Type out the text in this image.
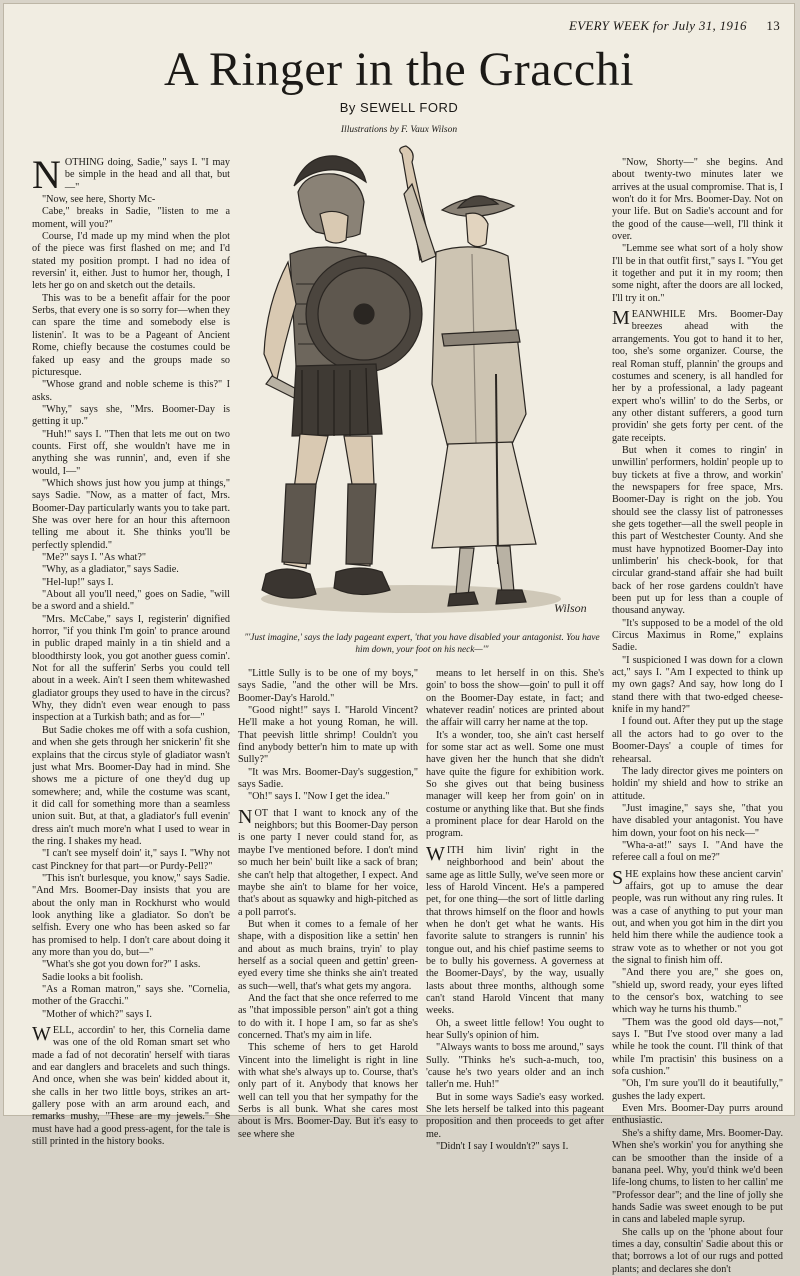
EVERY WEEK for July 31, 1916 13
A Ringer in the Gracchi
By SEWELL FORD
Illustrations by F. Vaux Wilson

NOTHING doing, Sadie," says I. "I may be simple in the head and all that, but—"

"Now, see here, Shorty Mc-

Cabe," breaks in Sadie, "listen to me a moment, will you?"

Course, I'd made up my mind when the plot of the piece was first flashed on me; and I'd stated my position prompt. I had no idea of reversin' it, either. Just to humor her, though, I lets her go on and sketch out the details.

This was to be a benefit affair for the poor Serbs, that every one is so sorry for—when they can spare the time and somebody else is listenin'. It was to be a Pageant of Ancient Rome, chiefly because the costumes could be faked up easy and the groups made so picturesque.

"Whose grand and noble scheme is this?" I asks.

"Why," says she, "Mrs. Boomer-Day is getting it up."

"Huh!" says I. "Then that lets me out on two counts. First off, she wouldn't have me in anything she was runnin', and, even if she would, I—"

"Which shows just how you jump at things," says Sadie. "Now, as a matter of fact, Mrs. Boomer-Day particularly wants you to take part. She was over here for an hour this afternoon telling me about it. She thinks you'll be perfectly splendid."

"Me?" says I. "As what?"

"Why, as a gladiator," says Sadie.

"Hel-lup!" says I.

"About all you'll need," goes on Sadie, "will be a sword and a shield."

"Mrs. McCabe," says I, registerin' dignified horror, "if you think I'm goin' to prance around in public draped mainly in a tin shield and a bloodthirsty look, you got another guess comin'. Not for all the sufferin' Serbs you could tell about in a week. Ain't I seen them whitewashed gladiator groups they used to have in the circus? Why, they didn't even wear enough to pass inspection at a Turkish bath; and as for—"

But Sadie chokes me off with a sofa cushion, and when she gets through her snickerin' fit she explains that the circus style of gladiator wasn't just what Mrs. Boomer-Day had in mind. She shows me a picture of one they'd dug up somewhere; and, while the costume was scant, it did call for something more than a seamless union suit. But, at that, a gladiator's full evenin' dress ain't much more'n what I used to wear in the ring. I shakes my head.

"I can't see myself doin' it," says I. "Why not cast Pinckney for that part—or Purdy-Pell?"

"This isn't burlesque, you know," says Sadie. "And Mrs. Boomer-Day insists that you are about the only man in Rockhurst who would look anything like a gladiator. So don't be selfish. Every one who has been asked so far has promised to help. I don't care about doing it any more than you do, but—"

"What's she got you down for?" I asks.

Sadie looks a bit foolish.

"As a Roman matron," says she. "Cornelia, mother of the Gracchi."

"Mother of which?" says I.

WELL, accordin' to her, this Cornelia dame was one of the old Roman smart set who made a fad of not decoratin' herself with tiaras and ear danglers and bracelets and such things. And once, when she was bein' kidded about it, she calls in her two little boys, strikes an art-gallery pose with an arm around each, and remarks mushy, "These are my jewels." She must have had a good press-agent, for the tale is still printed in the history books.

Wilson
"'Just imagine,' says the lady pageant expert, 'that you have disabled your antagonist. You have him down, your foot on his neck—'"

"Little Sully is to be one of my boys," says Sadie, "and the other will be Mrs. Boomer-Day's Harold."

"Good night!" says I. "Harold Vincent? He'll make a hot young Roman, he will. That peevish little shrimp! Couldn't you find anybody better'n him to mate up with Sully?"

"It was Mrs. Boomer-Day's suggestion," says Sadie.

"Oh!" says I. "Now I get the idea."

NOT that I want to knock any of the neighbors; but this Boomer-Day person is one party I never could stand for, as maybe I've mentioned before. I don't mind so much her bein' built like a sack of bran; she can't help that altogether, I expect. And maybe she ain't to blame for her voice, that's about as squawky and high-pitched as a poll parrot's.

But when it comes to a female of her shape, with a disposition like a settin' hen and about as much brains, tryin' to play herself as a social queen and gettin' green-eyed every time she thinks she ain't treated as such—well, that's what gets my angora.

And the fact that she once referred to me as "that impossible person" ain't got a thing to do with it. I hope I am, so far as she's concerned. That's my aim in life.

This scheme of hers to get Harold Vincent into the limelight is right in line with what she's always up to. Course, that's only part of it. Anybody that knows her well can tell you that her sympathy for the Serbs is all bunk. What she cares most about is Mrs. Boomer-Day. But it's easy to see where she

means to let herself in on this. She's goin' to boss the show—goin' to pull it off on the Boomer-Day estate, in fact; and whatever readin' notices are printed about the affair will carry her name at the top.

It's a wonder, too, she ain't cast herself for some star act as well. Some one must have given her the hunch that she didn't have quite the figure for exhibition work. So she gives out that being business manager will keep her from goin' on in costume or anything like that. But she finds a prominent place for dear Harold on the program.

WITH him livin' right in the neighborhood and bein' about the same age as little Sully, we've seen more or less of Harold Vincent. He's a pampered pet, for one thing—the sort of little darling that throws himself on the floor and howls when he don't get what he wants. His favorite salute to strangers is runnin' his tongue out, and his chief pastime seems to be to bully his governess. A governess at the Boomer-Days', by the way, usually lasts about three months, although some can't stand Harold Vincent that many weeks.

Oh, a sweet little fellow! You ought to hear Sully's opinion of him.

"Always wants to boss me around," says Sully. "Thinks he's such-a-much, too, 'cause he's two years older and an inch taller'n me. Huh!"

But in some ways Sadie's easy worked. She lets herself be talked into this pageant proposition and then proceeds to get after me.

"Didn't I say I wouldn't?" says I.

"Now, Shorty—" she begins. And about twenty-two minutes later we arrives at the usual compromise. That is, I won't do it for Mrs. Boomer-Day. Not on your life. But on Sadie's account and for the good of the cause—well, I'll think it over.

"Lemme see what sort of a holy show I'll be in that outfit first," says I. "You get it together and put it in my room; then some night, after the doors are all locked, I'll try it on."

MEANWHILE Mrs. Boomer-Day breezes ahead with the arrangements. You got to hand it to her, too, she's some organizer. Course, the real Roman stuff, plannin' the groups and costumes and scenery, is all handled for her by a professional, a lady pageant expert who's willin' to do the Serbs, or any other distant sufferers, a good turn providin' she gets forty per cent. of the gate receipts.

But when it comes to ringin' in unwillin' performers, holdin' people up to buy tickets at five a throw, and workin' the newspapers for free space, Mrs. Boomer-Day is right on the job. You should see the classy list of patronesses she gets together—all the swell people in this part of Westchester County. And she must have hypnotized Boomer-Day into unlimberin' his check-book, for that circular grand-stand affair she had built back of her rose gardens couldn't have been put up for less than a couple of thousand anyway.

"It's supposed to be a model of the old Circus Maximus in Rome," explains Sadie.

"I suspicioned I was down for a clown act," says I. "Am I expected to think up my own gags? And say, how long do I stand there with that two-edged cheese-knife in my hand?"

I found out. After they put up the stage all the actors had to go over to the Boomer-Days' a couple of times for rehearsal.

The lady director gives me pointers on holdin' my shield and how to strike an attitude.

"Just imagine," says she, "that you have disabled your antagonist. You have him down, your foot on his neck—"

"Wha-a-at!" says I. "And have the referee call a foul on me?"

SHE explains how these ancient carvin' affairs, got up to amuse the dear people, was run without any ring rules. It was a case of anything to put your man out, and when you got him in the dirt you held him there while the audience took a straw vote as to whether or not you got the signal to finish him off.

"And there you are," she goes on, "shield up, sword ready, your eyes lifted to the censor's box, watching to see which way he turns his thumb."

"Them was the good old days—not," says I. "But I've stood over many a lad while he took the count. I'll think of that while I'm practisin' this business on a sofa cushion."

"Oh, I'm sure you'll do it beautifully," gushes the lady expert.

Even Mrs. Boomer-Day purrs around enthusiastic.

She's a shifty dame, Mrs. Boomer-Day. When she's workin' you for anything she can be smoother than the inside of a banana peel. Why, you'd think we'd been life-long chums, to listen to her callin' me "Professor dear"; and the line of jolly she hands Sadie was sweet enough to be put in cans and labeled maple syrup.

She calls up on the 'phone about four times a day, consultin' Sadie about this or that; borrows a lot of our rugs and potted plants; and declares she don't
